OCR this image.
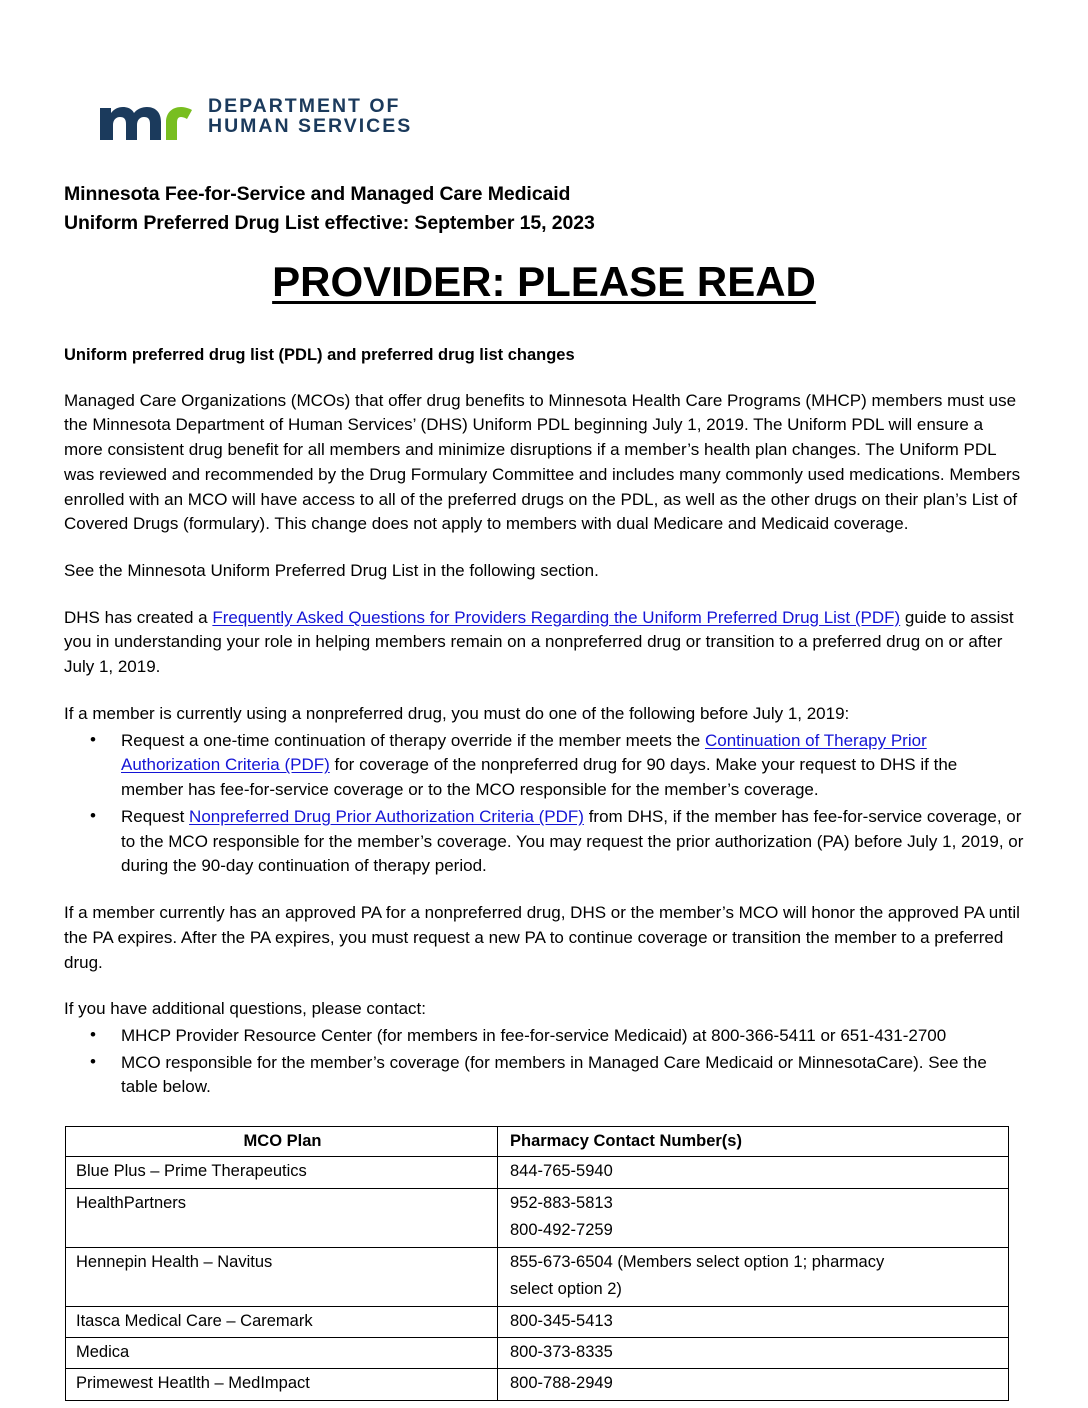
DEPARTMENT OF
HUMAN SERVICES
Minnesota Fee-for-Service and Managed Care Medicaid
Uniform Preferred Drug List effective: September 15, 2023
PROVIDER: PLEASE READ
Uniform preferred drug list (PDL) and preferred drug list changes

Managed Care Organizations (MCOs) that offer drug benefits to Minnesota Health Care Programs (MHCP) members must use the Minnesota Department of Human Services’ (DHS) Uniform PDL beginning July 1, 2019. The Uniform PDL will ensure a more consistent drug benefit for all members and minimize disruptions if a member’s health plan changes. The Uniform PDL was reviewed and recommended by the Drug Formulary Committee and includes many commonly used medications. Members enrolled with an MCO will have access to all of the preferred drugs on the PDL, as well as the other drugs on their plan’s List of Covered Drugs (formulary). This change does not apply to members with dual Medicare and Medicaid coverage.

See the Minnesota Uniform Preferred Drug List in the following section.

DHS has created a Frequently Asked Questions for Providers Regarding the Uniform Preferred Drug List (PDF) guide to assist you in understanding your role in helping members remain on a nonpreferred drug or transition to a preferred drug on or after July 1, 2019.

If a member is currently using a nonpreferred drug, you must do one of the following before July 1, 2019:

• Request a one-time continuation of therapy override if the member meets the Continuation of Therapy Prior Authorization Criteria (PDF) for coverage of the nonpreferred drug for 90 days. Make your request to DHS if the member has fee-for-service coverage or to the MCO responsible for the member’s coverage.
• Request Nonpreferred Drug Prior Authorization Criteria (PDF) from DHS, if the member has fee-for-service coverage, or to the MCO responsible for the member’s coverage. You may request the prior authorization (PA) before July 1, 2019, or during the 90-day continuation of therapy period.

If a member currently has an approved PA for a nonpreferred drug, DHS or the member’s MCO will honor the approved PA until the PA expires. After the PA expires, you must request a new PA to continue coverage or transition the member to a preferred drug.

If you have additional questions, please contact:

• MHCP Provider Resource Center (for members in fee-for-service Medicaid) at 800-366-5411 or 651-431-2700
• MCO responsible for the member’s coverage (for members in Managed Care Medicaid or MinnesotaCare). See the table below.
MCO Plan	Pharmacy Contact Number(s)
Blue Plus – Prime Therapeutics	844-765-5940

HealthPartners	952-883-5813
800-492-7259

Hennepin Health – Navitus	855-673-6504 (Members select option 1; pharmacy
select option 2)

Itasca Medical Care – Caremark	800-345-5413

Medica	800-373-8335

Primewest Heatlth – MedImpact	800-788-2949
